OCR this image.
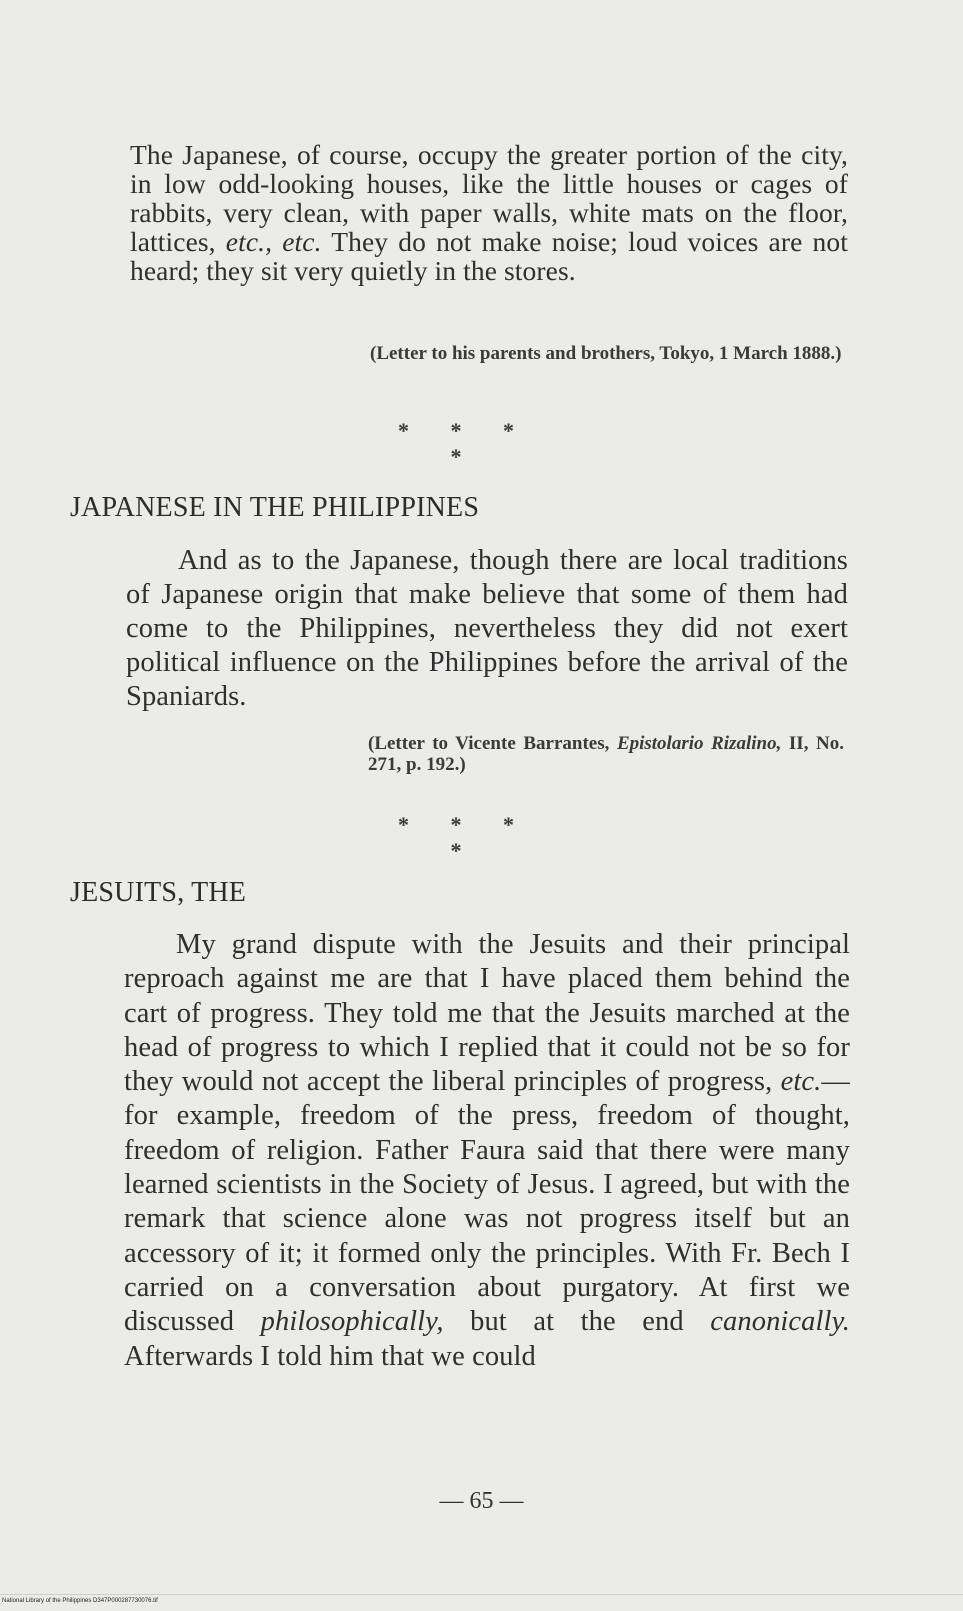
The Japanese, of course, occupy the greater portion of the city, in low odd-looking houses, like the little houses or cages of rabbits, very clean, with paper walls, white mats on the floor, lattices, etc., etc. They do not make noise; loud voices are not heard; they sit very quietly in the stores.

(Letter to his parents and brothers, Tokyo, 1 March 1888.)

* * * *

JAPANESE IN THE PHILIPPINES

And as to the Japanese, though there are local traditions of Japanese origin that make believe that some of them had come to the Philippines, nevertheless they did not exert political influence on the Philippines before the arrival of the Spaniards.

(Letter to Vicente Barrantes, Epistolario Rizalino, II, No. 271, p. 192.)

* * * *

JESUITS, THE

My grand dispute with the Jesuits and their principal reproach against me are that I have placed them behind the cart of progress. They told me that the Jesuits marched at the head of progress to which I replied that it could not be so for they would not accept the liberal principles of progress, etc.— for example, freedom of the press, freedom of thought, freedom of religion. Father Faura said that there were many learned scientists in the Society of Jesus. I agreed, but with the remark that science alone was not progress itself but an accessory of it; it formed only the principles. With Fr. Bech I carried on a conversation about purgatory. At first we discussed philosophically, but at the end canonically. Afterwards I told him that we could

— 65 —

National Library of the Philippines D347P000287730076.tif
